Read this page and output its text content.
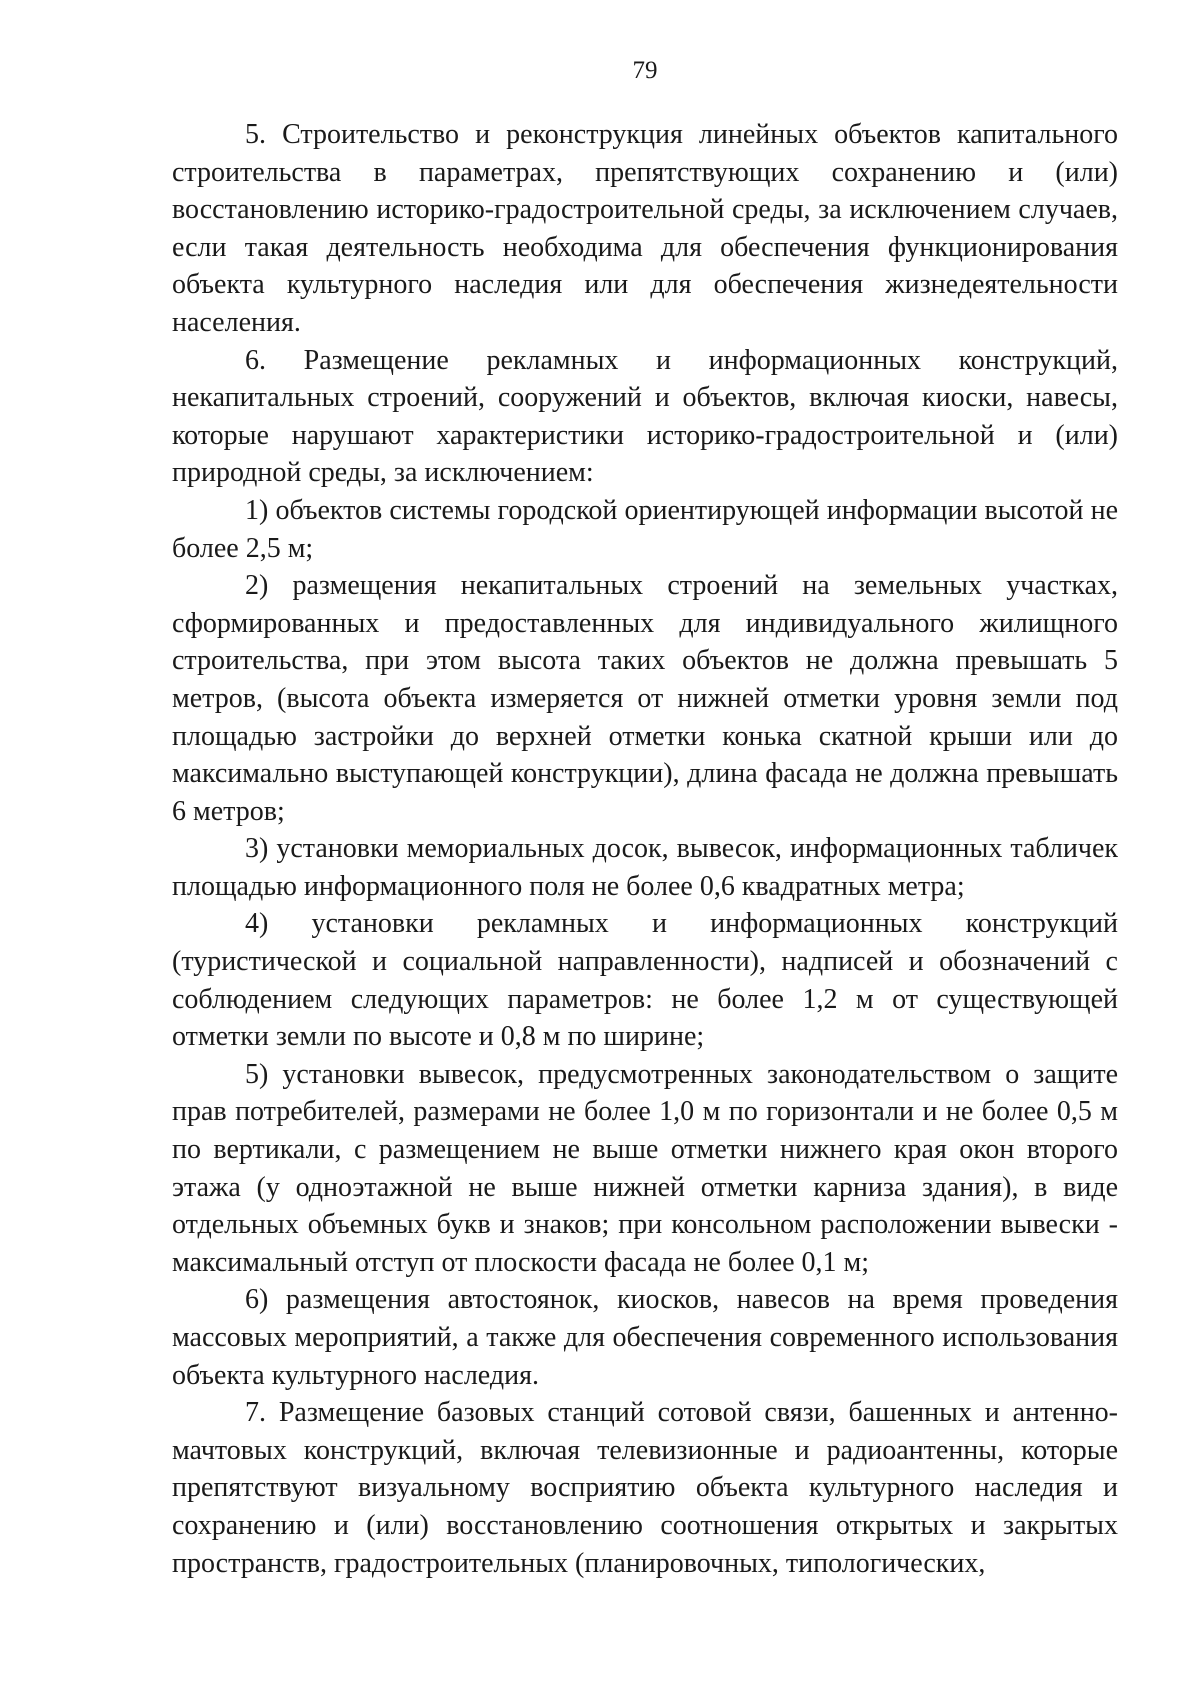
79

5. Строительство и реконструкция линейных объектов капитального строительства в параметрах, препятствующих сохранению и (или) восстановлению историко-градостроительной среды, за исключением случаев, если такая деятельность необходима для обеспечения функционирования объекта культурного наследия или для обеспечения жизнедеятельности населения.

6. Размещение рекламных и информационных конструкций, некапитальных строений, сооружений и объектов, включая киоски, навесы, которые нарушают характеристики историко-градостроительной и (или) природной среды, за исключением:

1) объектов системы городской ориентирующей информации высотой не более 2,5 м;

2) размещения некапитальных строений на земельных участках, сформированных и предоставленных для индивидуального жилищного строительства, при этом высота таких объектов не должна превышать 5 метров, (высота объекта измеряется от нижней отметки уровня земли под площадью застройки до верхней отметки конька скатной крыши или до максимально выступающей конструкции), длина фасада не должна превышать 6 метров;

3) установки мемориальных досок, вывесок, информационных табличек площадью информационного поля не более 0,6 квадратных метра;

4) установки рекламных и информационных конструкций (туристической и социальной направленности), надписей и обозначений с соблюдением следующих параметров: не более 1,2 м от существующей отметки земли по высоте и 0,8 м по ширине;

5) установки вывесок, предусмотренных законодательством о защите прав потребителей, размерами не более 1,0 м по горизонтали и не более 0,5 м по вертикали, с размещением не выше отметки нижнего края окон второго этажа (у одноэтажной не выше нижней отметки карниза здания), в виде отдельных объемных букв и знаков; при консольном расположении вывески - максимальный отступ от плоскости фасада не более 0,1 м;

6) размещения автостоянок, киосков, навесов на время проведения массовых мероприятий, а также для обеспечения современного использования объекта культурного наследия.

7. Размещение базовых станций сотовой связи, башенных и антенно-мачтовых конструкций, включая телевизионные и радиоантенны, которые препятствуют визуальному восприятию объекта культурного наследия и сохранению и (или) восстановлению соотношения открытых и закрытых пространств, градостроительных (планировочных, типологических,
